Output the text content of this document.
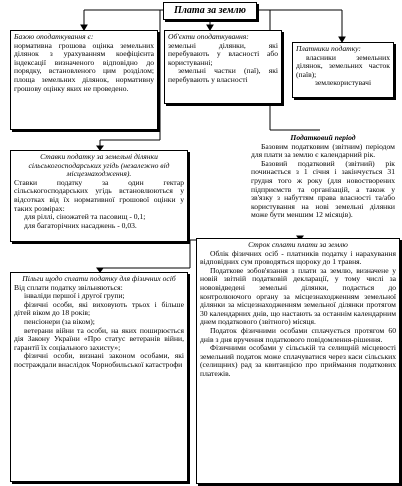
Плата за землю
Базою оподаткування є:
нормативна грошова оцінка земельних ділянок з урахуванням коефіцієнта індексації визначеного відповідно до порядку, встановленого цим розділом; площа земельних ділянок, нормативну грошову оцінку яких не проведено.
Об'єкти оподаткування:
земельні ділянки, які перебувають у власності або користуванні;
земельні частки (паї), які перебувають у власності
Платники податку:
власники земельних ділянок, земельних часток (паїв);
землекористувачі
Податковий період
Базовим податковим (звітним) періодом для плати за землю є календарний рік.
Базовий податковий (звітний) рік починається з 1 січня і закінчується 31 грудня того ж року (для новостворених підприємств та організацій, а також у зв'язку з набуттям права власності та/або користування на нові земельні ділянки може бути меншим 12 місяців).
Ставки податку за земельні ділянки сільськогосподарських угідь (незалежно від місцезнаходження).
Ставки податку за один гектар сільськогосподарських угідь встановлюються у відсотках від їх нормативної грошової оцінки у таких розмірах:
для ріллі, сіножатей та пасовищ - 0,1;
для багаторічних насаджень - 0,03.
Пільги щодо сплати податку для фізичних осіб
Від сплати податку звільняються:
інваліди першої і другої групи;
фізичні особи, які виховують трьох і більше дітей віком до 18 років;
пенсіонери (за віком);
ветерани війни та особи, на яких поширюється дія Закону України «Про статус ветеранів війни, гарантії їх соціального захисту»;
фізичні особи, визнані законом особами, які постраждали внаслідок Чорнобильської катастрофи
Строк сплати плати за землю
Облік фізичних осіб - платників податку і нарахування відповідних сум проводяться щороку до 1 травня.
Податкове зобов'язання з плати за землю, визначене у новій звітній податковій декларації, у тому числі за нововідведені земельні ділянки, подається до контролюючого органу за місцезнаходженням земельної ділянки за місцезнаходженням земельної ділянки протягом 30 календарних днів, що настають за останнім календарним днем податкового (звітного) місяця.
Податок фізичними особами сплачується протягом 60 днів з дня вручення податкового повідомлення-рішення.
Фізичними особами у сільській та селищній місцевості земельний податок може сплачуватися через каси сільських (селищних) рад за квитанцією про приймання податкових платежів.
